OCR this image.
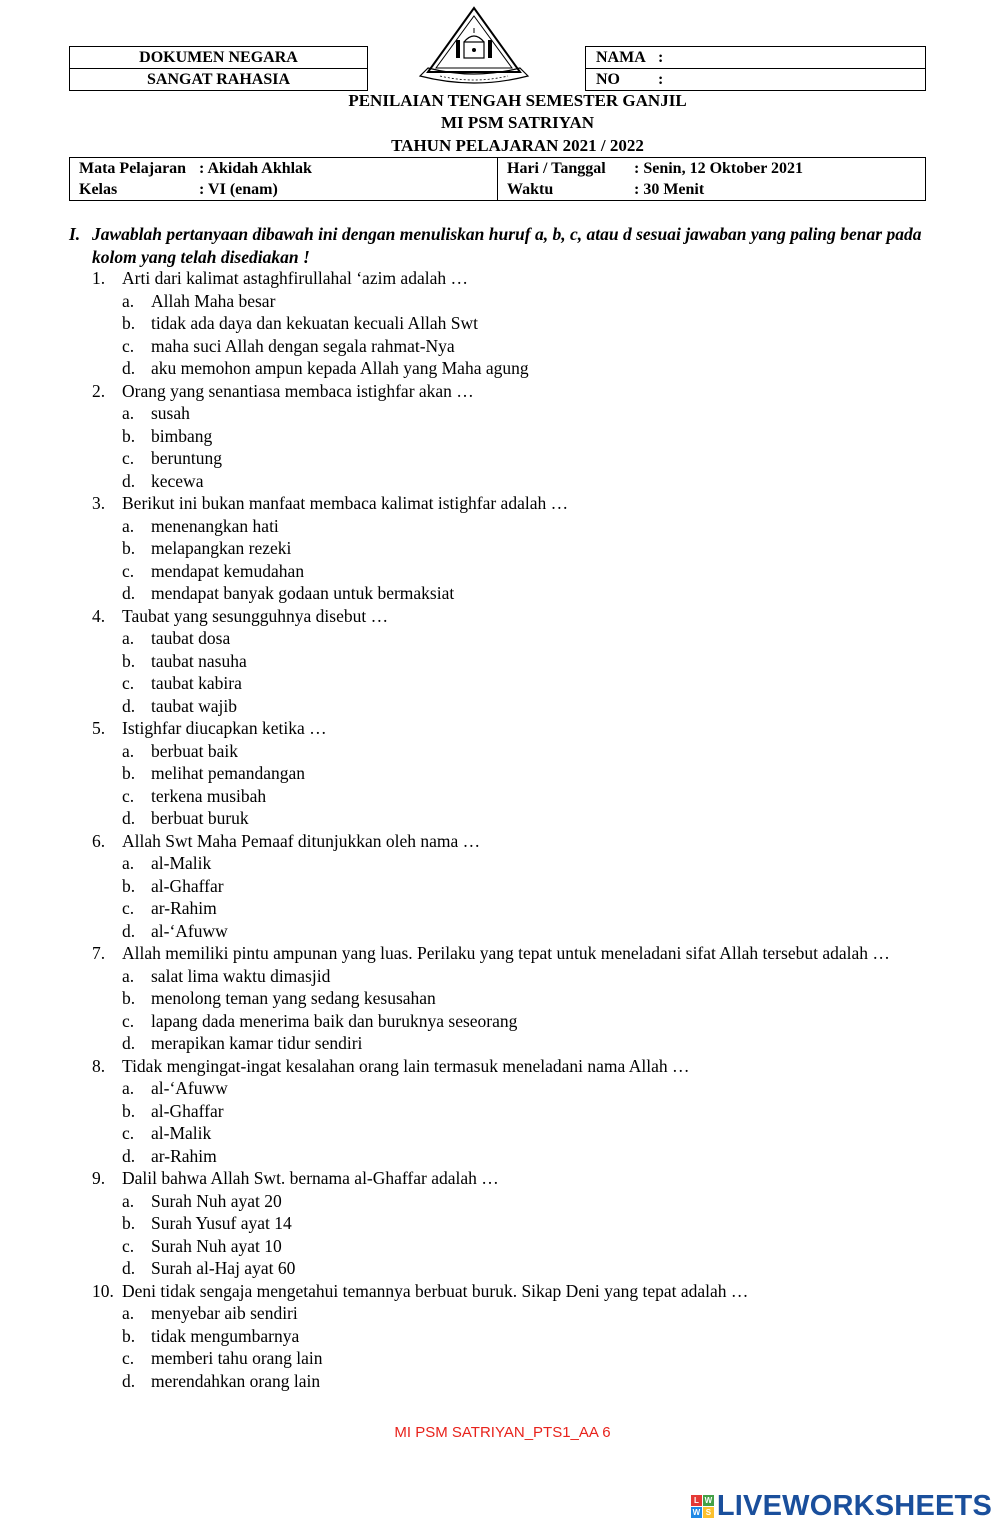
DOKUMEN NEGARA
SANGAT RAHASIA
NAMA :
NO :
PENILAIAN TENGAH SEMESTER GANJIL
MI PSM SATRIYAN
TAHUN PELAJARAN 2021 / 2022
Mata Pelajaran : Akidah Akhlak
Kelas	: VI (enam)
Hari / Tanggal : Senin, 12 Oktober 2021
Waktu	: 30 Menit
I. Jawablah pertanyaan dibawah ini dengan menuliskan huruf a, b, c, atau d sesuai jawaban yang paling benar pada kolom yang telah disediakan !
1. Arti dari kalimat astaghfirullahal ‘azim adalah …
a. Allah Maha besar
b. tidak ada daya dan kekuatan kecuali Allah Swt
c. maha suci Allah dengan segala rahmat-Nya
d. aku memohon ampun kepada Allah yang Maha agung
2. Orang yang senantiasa membaca istighfar akan …
a. susah
b. bimbang
c. beruntung
d. kecewa
3. Berikut ini bukan manfaat membaca kalimat istighfar adalah …
a. menenangkan hati
b. melapangkan rezeki
c. mendapat kemudahan
d. mendapat banyak godaan untuk bermaksiat
4. Taubat yang sesungguhnya disebut …
a. taubat dosa
b. taubat nasuha
c. taubat kabira
d. taubat wajib
5. Istighfar diucapkan ketika …
a. berbuat baik
b. melihat pemandangan
c. terkena musibah
d. berbuat buruk
6. Allah Swt Maha Pemaaf ditunjukkan oleh nama …
a. al-Malik
b. al-Ghaffar
c. ar-Rahim
d. al-‘Afuww
7. Allah memiliki pintu ampunan yang luas. Perilaku yang tepat untuk meneladani sifat Allah tersebut adalah …
a. salat lima waktu dimasjid
b. menolong teman yang sedang kesusahan
c. lapang dada menerima baik dan buruknya seseorang
d. merapikan kamar tidur sendiri
8. Tidak mengingat-ingat kesalahan orang lain termasuk meneladani nama Allah …
a. al-‘Afuww
b. al-Ghaffar
c. al-Malik
d. ar-Rahim
9. Dalil bahwa Allah Swt. bernama al-Ghaffar adalah …
a. Surah Nuh ayat 20
b. Surah Yusuf ayat 14
c. Surah Nuh ayat 10
d. Surah al-Haj ayat 60
10. Deni tidak sengaja mengetahui temannya berbuat buruk. Sikap Deni yang tepat adalah …
a. menyebar aib sendiri
b. tidak mengumbarnya
c. memberi tahu orang lain
d. merendahkan orang lain
MI PSM SATRIYAN_PTS1_AA 6
L W
W S LIVEWORKSHEETS
